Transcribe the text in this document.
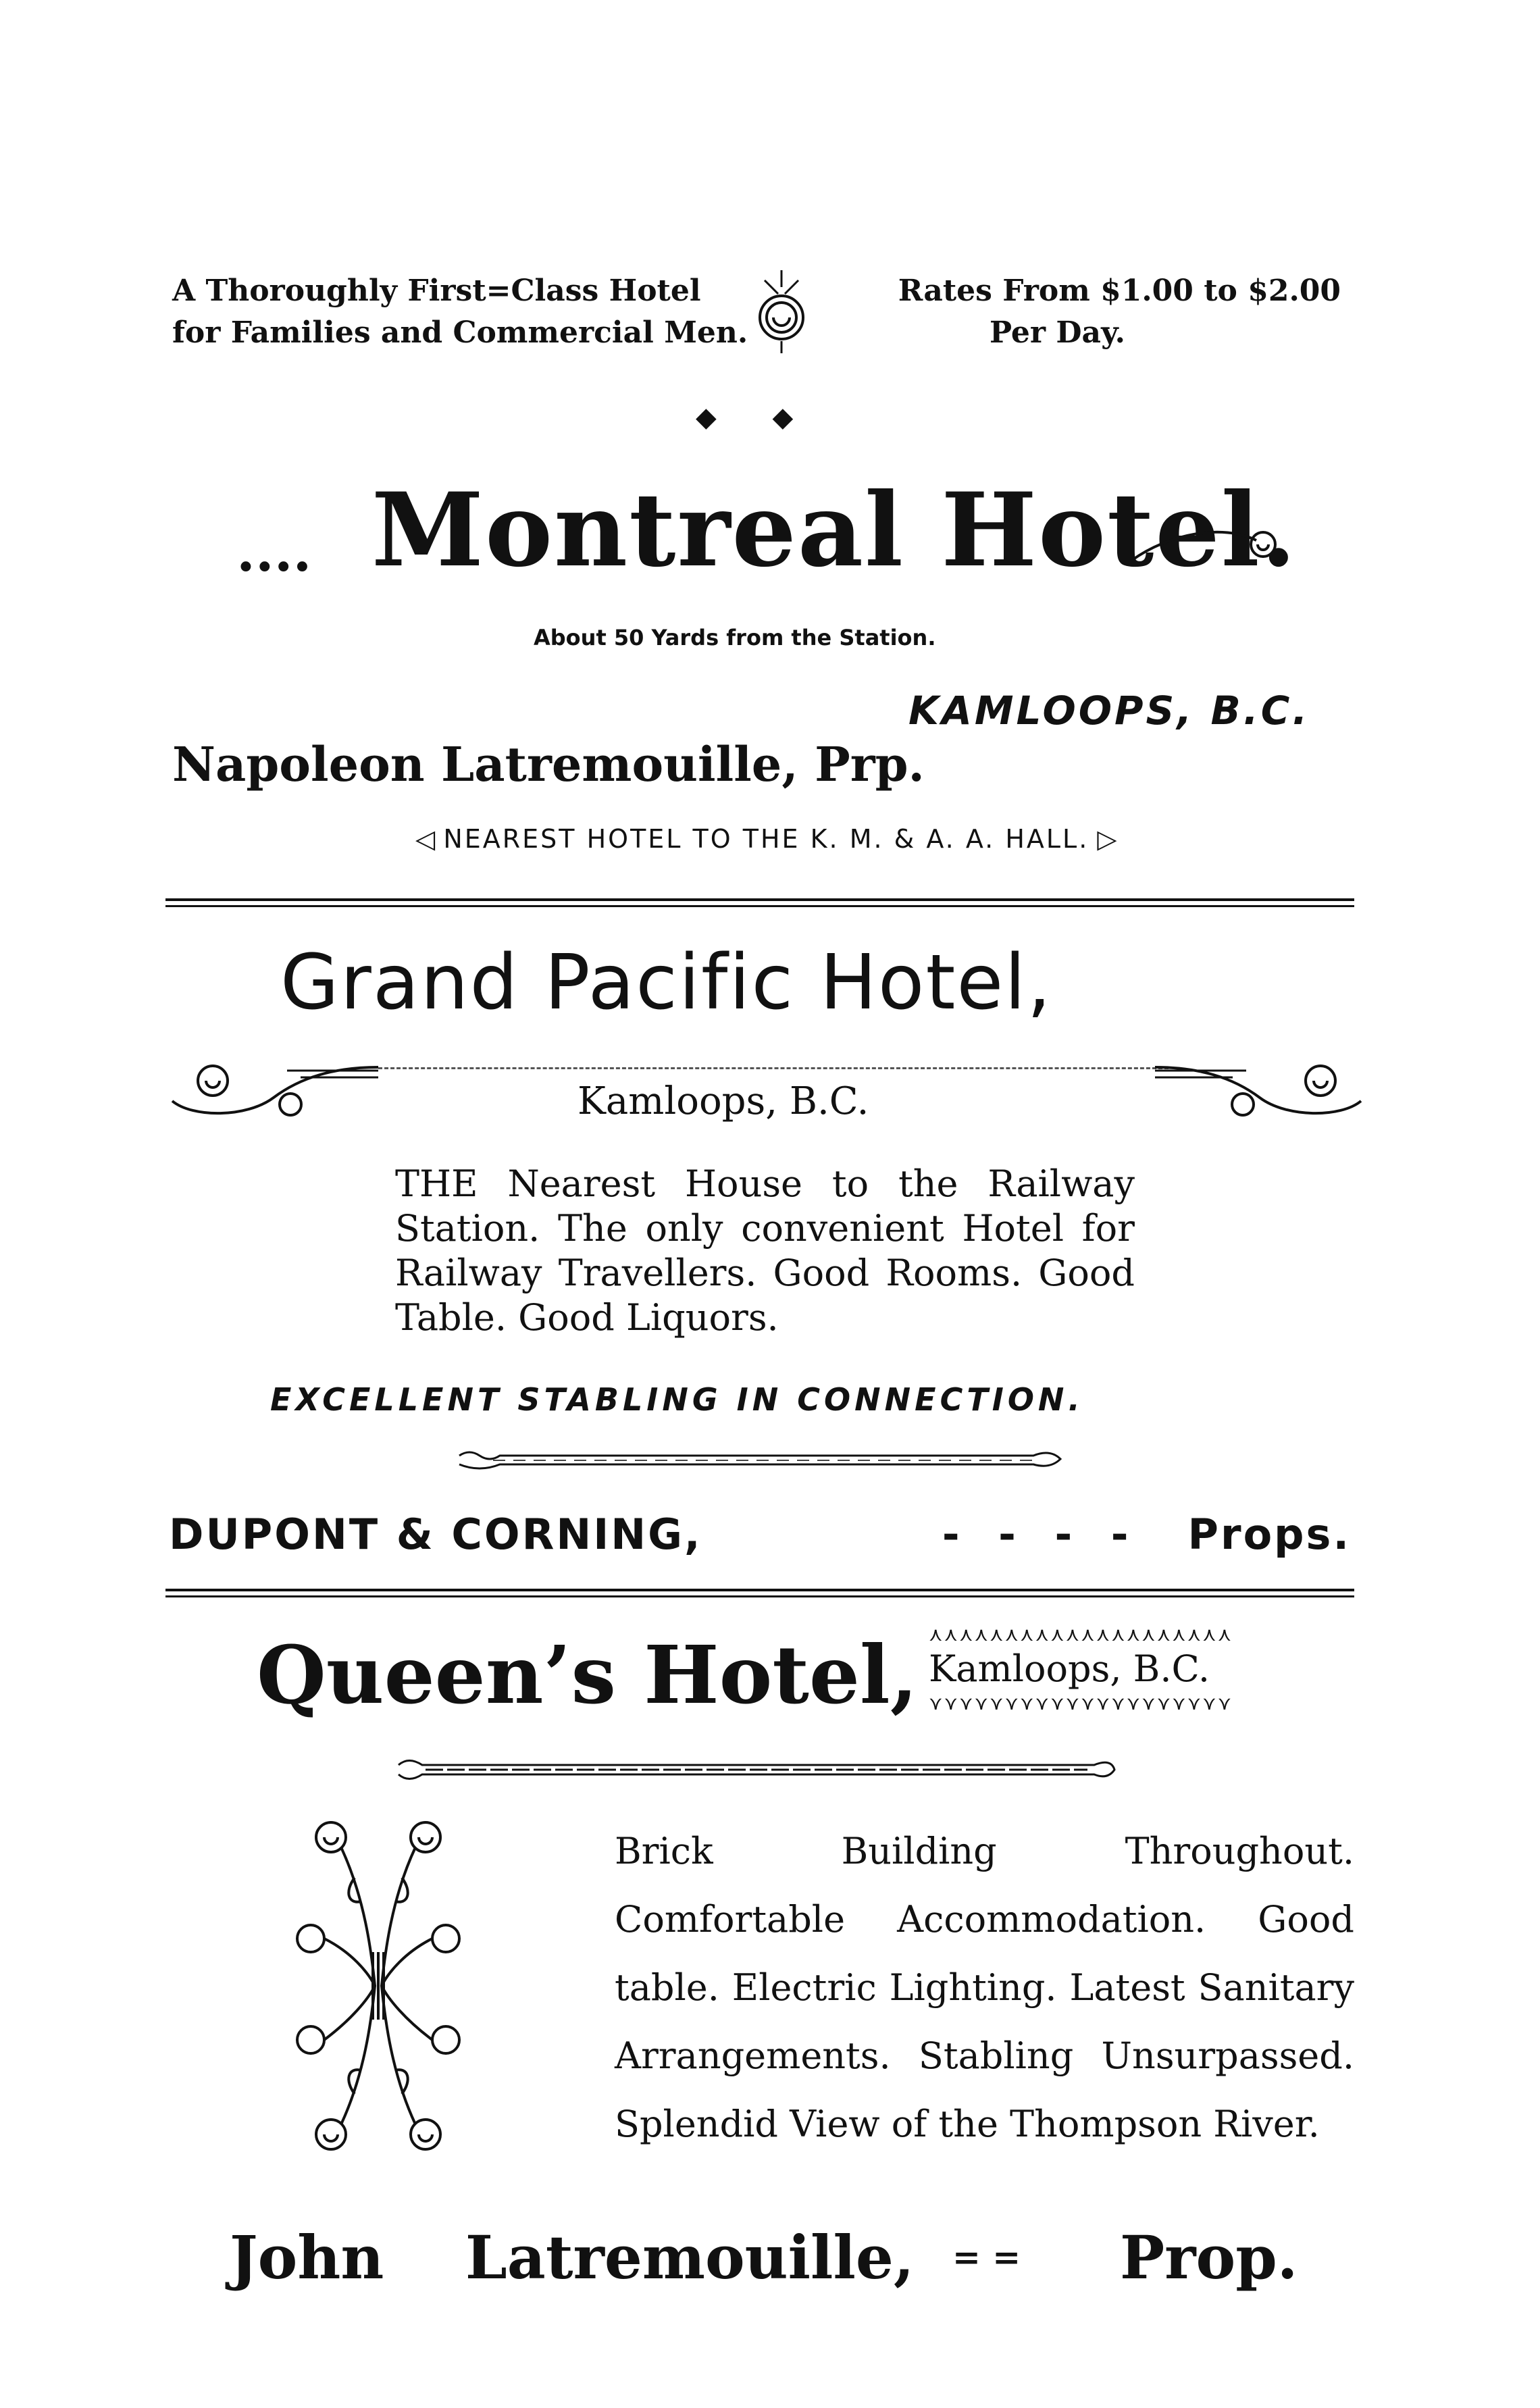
A Thoroughly First=Class Hotel
for Families and Commercial Men.
Rates From $1.00 to $2.00
Per Day.
◆ ◆
.... Montreal Hotel.
About 50 Yards from the Station.
KAMLOOPS, B.C.
Napoleon Latremouille, Prp.
◁ NEAREST HOTEL TO THE K. M. & A. A. HALL. ▷
Grand Pacific Hotel,
Kamloops, B.C.
THE Nearest House to the Railway Station. The only convenient Hotel for Railway Travellers. Good Rooms. Good Table. Good Liquors.
EXCELLENT STABLING IN CONNECTION.
DUPONT & CORNING,	- - - - Props.
Queen’s Hotel, ⋏⋏⋏⋏⋏⋏⋏⋏⋏⋏⋏⋏⋏⋏⋏⋏⋏⋏⋏⋏
Kamloops, B.C.
⋎⋎⋎⋎⋎⋎⋎⋎⋎⋎⋎⋎⋎⋎⋎⋎⋎⋎⋎⋎
Brick Building Throughout. Comfortable Accommodation. Good table. Electric Lighting. Latest Sanitary Arrangements. Stabling Unsurpassed. Splendid View of the Thompson River.
John Latremouille, = = Prop.
